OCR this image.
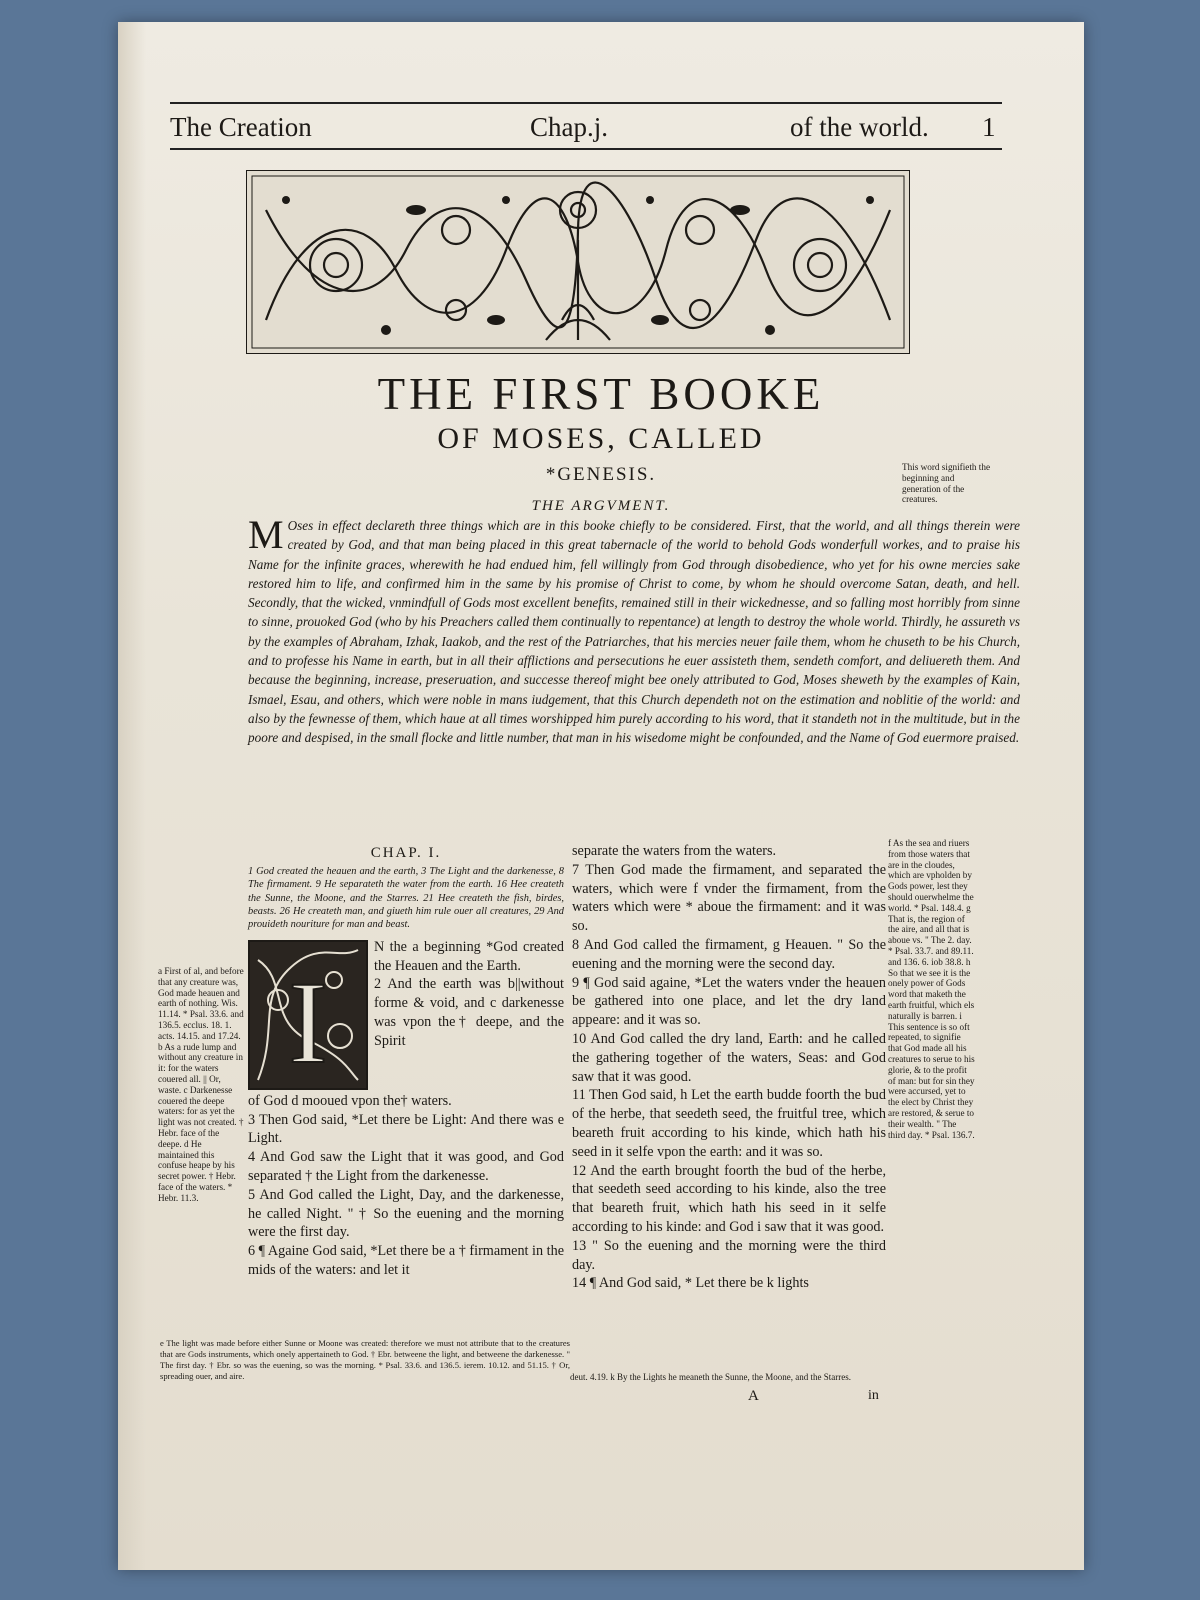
The Creation	Chap.j.	of the world. 1
THE FIRST BOOKE
OF MOSES, CALLED
*GENESIS.	This word signifieth the beginning and generation of the creatures.
THE ARGVMENT.

M Oses in effect declareth three things which are in this booke chiefly to be considered. First, that the world, and all things therein were created by God, and that man being placed in this great tabernacle of the world to behold Gods wonderfull workes, and to praise his Name for the infinite graces, wherewith he had endued him, fell willingly from God through disobedience, who yet for his owne mercies sake restored him to life, and confirmed him in the same by his promise of Christ to come, by whom he should overcome Satan, death, and hell. Secondly, that the wicked, vnmindfull of Gods most excellent benefits, remained still in their wickednesse, and so falling most horribly from sinne to sinne, prouoked God (who by his Preachers called them continually to repentance) at length to destroy the whole world. Thirdly, he assureth vs by the examples of Abraham, Izhak, Iaakob, and the rest of the Patriarches, that his mercies neuer faile them, whom he chuseth to be his Church, and to professe his Name in earth, but in all their afflictions and persecutions he euer assisteth them, sendeth comfort, and deliuereth them. And because the beginning, increase, preseruation, and successe thereof might bee onely attributed to God, Moses sheweth by the examples of Kain, Ismael, Esau, and others, which were noble in mans iudgement, that this Church dependeth not on the estimation and noblitie of the world: and also by the fewnesse of them, which haue at all times worshipped him purely according to his word, that it standeth not in the multitude, but in the poore and despised, in the small flocke and little number, that man in his wisedome might be confounded, and the Name of God euermore praised.

a First of al, and before that any creature was, God made heauen and earth of nothing. Wis. 11.14. * Psal. 33.6. and 136.5. ecclus. 18. 1. acts. 14.15. and 17.24. b As a rude lump and without any creature in it: for the waters couered all. || Or, waste. c Darkenesse couered the deepe waters: for as yet the light was not created. † Hebr. face of the deepe. d He maintained this confuse heape by his secret power. † Hebr. face of the waters. * Hebr. 11.3.
CHAP. I.
1 God created the heauen and the earth, 3 The Light and the darkenesse, 8 The firmament. 9 He separateth the water from the earth. 16 Hee createth the Sunne, the Moone, and the Starres. 21 Hee createth the fish, birdes, beasts. 26 He createth man, and giueth him rule ouer all creatures, 29 And prouideth nouriture for man and beast.
I
N the a beginning *God created the Heauen and the Earth.
2 And the earth was b||without forme & void, and c darkenesse was vpon the† deepe, and the Spirit

of God d mooued vpon the† waters.

3 Then God said, *Let there be Light: And there was e Light.

4 And God saw the Light that it was good, and God separated † the Light from the darkenesse.

5 And God called the Light, Day, and the darkenesse, he called Night. " † So the euening and the morning were the first day.

6 ¶ Againe God said, *Let there be a † firmament in the mids of the waters: and let it

separate the waters from the waters.

7 Then God made the firmament, and separated the waters, which were f vnder the firmament, from the waters which were * aboue the firmament: and it was so.

8 And God called the firmament, g Heauen. " So the euening and the morning were the second day.

9 ¶ God said againe, *Let the waters vnder the heauen be gathered into one place, and let the dry land appeare: and it was so.

10 And God called the dry land, Earth: and he called the gathering together of the waters, Seas: and God saw that it was good.

11 Then God said, h Let the earth budde foorth the bud of the herbe, that seedeth seed, the fruitful tree, which beareth fruit according to his kinde, which hath his seed in it selfe vpon the earth: and it was so.

12 And the earth brought foorth the bud of the herbe, that seedeth seed according to his kinde, also the tree that beareth fruit, which hath his seed in it selfe according to his kinde: and God i saw that it was good.

13 " So the euening and the morning were the third day.

14 ¶ And God said, * Let there be k lights

f As the sea and riuers from those waters that are in the cloudes, which are vpholden by Gods power, lest they should ouerwhelme the world. * Psal. 148.4. g That is, the region of the aire, and all that is aboue vs. " The 2. day. * Psal. 33.7. and 89.11. and 136. 6. iob 38.8. h So that we see it is the onely power of Gods word that maketh the earth fruitful, which els naturally is barren. i This sentence is so oft repeated, to signifie that God made all his creatures to serue to his glorie, & to the profit of man: but for sin they were accursed, yet to the elect by Christ they are restored, & serue to their wealth. " The third day. * Psal. 136.7.
e The light was made before either Sunne or Moone was created: therefore we must not attribute that to the creatures that are Gods instruments, which onely appertaineth to God. † Ebr. betweene the light, and betweene the darkenesse. " The first day. † Ebr. so was the euening, so was the morning. * Psal. 33.6. and 136.5. ierem. 10.12. and 51.15. † Or, spreading ouer, and aire.	deut. 4.19. k By the Lights he meaneth the Sunne, the Moone, and the Starres.
A	in
